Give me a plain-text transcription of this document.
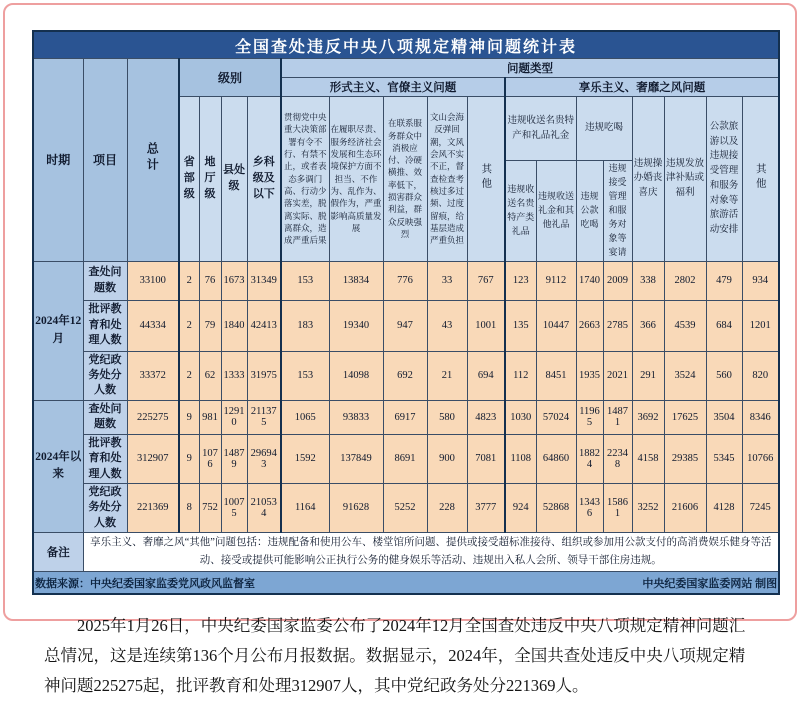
全国查处违反中央八项规定精神问题统计表																			
时期	项目	总计	级别				问题类型												
							形式主义、官僚主义问题					享乐主义、奢靡之风问题							
			省部级	地厅级	县处级	乡科级及以下	贯彻党中央重大决策部署有令不行、有禁不止，或者表态多调门高、行动少落实差，脱离实际、脱离群众，造成严重后果	在履职尽责、服务经济社会发展和生态环境保护方面不担当、不作为、乱作为、假作为，严重影响高质量发展	在联系服务群众中消极应付、冷硬横推、效率低下，损害群众利益，群众反映强烈	文山会海反弹回潮，文风会风不实不正，督查检查考核过多过频、过度留痕，给基层造成严重负担	其他	违规收送名贵特产和礼品礼金		违规吃喝		违规操办婚丧喜庆	违规发放津补贴或福利	公款旅游以及违规接受管理和服务对象等旅游活动安排	其他
												违规收送名贵特产类礼品	违规收送礼金和其他礼品	违规公款吃喝	违规接受管理和服务对象等宴请				
2024年12月	查处问题数	33100	2	76	1673	31349	153	13834	776	33	767	123	9112	1740	2009	338	2802	479	934
	批评教育和处理人数	44334	2	79	1840	42413	183	19340	947	43	1001	135	10447	2663	2785	366	4539	684	1201
	党纪政务处分人数	33372	2	62	1333	31975	153	14098	692	21	694	112	8451	1935	2021	291	3524	560	820
2024年以来	查处问题数	225275	9	981	12910	211375	1065	93833	6917	580	4823	1030	57024	11965	14871	3692	17625	3504	8346
	批评教育和处理人数	312907	9	1076	14879	296943	1592	137849	8691	900	7081	1108	64860	18824	22348	4158	29385	5345	10766
	党纪政务处分人数	221369	8	752	10075	210534	1164	91628	5252	228	3777	924	52868	13436	15861	3252	21606	4128	7245
备注	享乐主义、奢靡之风“其他”问题包括：违规配备和使用公车、楼堂馆所问题、提供或接受超标准接待、组织或参加用公款支付的高消费娱乐健身等活动、接受或提供可能影响公正执行公务的健身娱乐等活动、违规出入私人会所、领导干部住房违规。																		

数据来源：中央纪委国家监委党风政风监督室 中央纪委国家监委网站 制图																			

2025年1月26日，中央纪委国家监委公布了2024年12月全国查处违反中央八项规定精神问题汇总情况，这是连续第136个月公布月报数据。数据显示，2024年，全国共查处违反中央八项规定精神问题225275起，批评教育和处理312907人，其中党纪政务处分221369人。
